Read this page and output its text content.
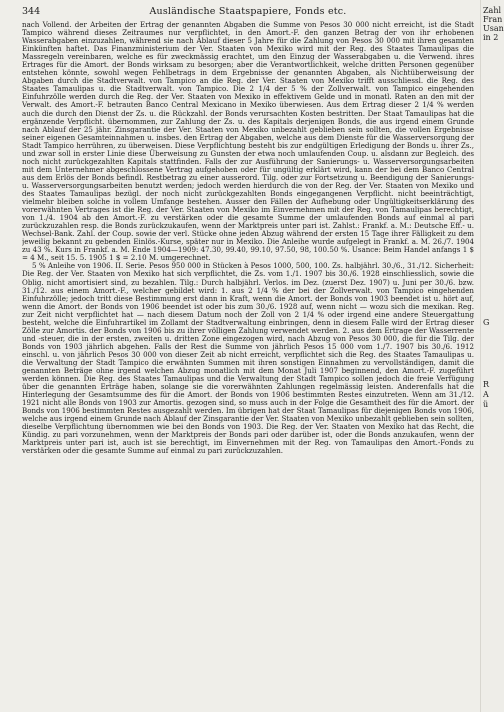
344	Ausländische Staatspapiere, Fonds etc.

nach Vollend. der Arbeiten der Ertrag der genannten Abgaben die Summe von Pesos 30 000 nicht erreicht, ist die Stadt Tampico während dieses Zeitraumes nur verpflichtet, in den Amort.-F. den ganzen Betrag der von ihr erhobenen Wasserabgaben einzuzahlen, während sie nach Ablauf dieser 5 Jahre für die Zahlung von Pesos 30 000 mit ihren gesamten Einkünften haftet. Das Finanzministerium der Ver. Staaten von Mexiko wird mit der Reg. des Staates Tamaulipas die Massregeln vereinbaren, welche es für zweckmässig erachtet, um den Einzug der Wasserabgaben u. die Verwend. ihres Ertrages für die Amort. der Bonds wirksam zu besorgen; aber die Verantwortlichkeit, welche dritten Personen gegenüber entstehen könnte, sowohl wegen Fehlbetrags in dem Ergebnisse der genannten Abgaben, als Nichtüberweisung der Abgaben durch die Stadtverwalt. von Tampico an die Reg. der Ver. Staaten von Mexiko trifft ausschliessl. die Reg. des Staates Tamaulipas u. die Stadtverwalt. von Tampico. Die 2 1/4 der 5 % der Zollverwalt. von Tampico eingehenden Einfuhrzölle werden durch die Reg. der Ver. Staaten von Mexiko in effektivem Gelde und in monatl. Raten an den mit der Verwalt. des Amort.-F. betrauten Banco Central Mexicano in Mexiko überwiesen. Aus dem Ertrag dieser 2 1/4 % werden auch die durch den Dienst der Zs. u. die Rückzahl. der Bonds verursachten Kosten bestritten. Der Staat Tamaulipas hat die ergänzende Verpflicht. übernommen, zur Zahlung der Zs. u. des Kapitals derjenigen Bonds, die aus irgend einem Grunde nach Ablauf der 25 jähr. Zinsgarantie der Ver. Staaten von Mexiko unbezahlt geblieben sein sollten, die vollen Ergebnisse seiner eigenen Gesamteinnahmen u. insbes. den Ertrag der Abgaben, welche aus dem Dienste für die Wasserversorgung der Stadt Tampico herrühren, zu überweisen. Diese Verpflichtung besteht bis zur endgültigen Erledigung der Bonds u. ihrer Zs., und zwar soll in erster Linie diese Überweisung zu Gunsten der etwa noch umlaufenden Coup. u. alsdann zur Begleich. des noch nicht zurückgezahlten Kapitals stattfinden. Falls der zur Ausführung der Sanierungs- u. Wasserversorgungsarbeiten mit dem Unternehmer abgeschlossene Vertrag aufgehoben oder für ungültig erklärt wird, kann der bei dem Banco Central aus dem Erlös der Bonds befindl. Restbetrag zu einer ausserord. Tilg. oder zur Fortsetzung u. Beendigung der Sanierungs- u. Wasserversorgungsarbeiten benutzt werden; jedoch werden hierdurch die von der Reg. der Ver. Staaten von Mexiko und des Staates Tamaulipas bezügl. der noch nicht zurückgezahlten Bonds eingegangenen Verpflicht. nicht beeinträchtigt, vielmehr bleiben solche in vollem Umfange bestehen. Ausser den Fällen der Aufhebung oder Ungültigkeitserklärung des vorerwähnten Vertrages ist die Reg. der Ver. Staaten von Mexiko im Einvernehmen mit der Reg. von Tamaulipas berechtigt, von 1./4. 1904 ab den Amort.-F. zu verstärken oder die gesamte Summe der umlaufenden Bonds auf einmal al pari zurückzuzahlen resp. die Bonds zurückzukaufen, wenn der Marktpreis unter pari ist. Zahlst.: Frankf. a. M.: Deutsche Eff.- u. Wechsel-Bank. Zahl. der Coup. sowie der verl. Stücke ohne jeden Abzug während der ersten 15 Tage ihrer Fälligkeit zu dem jeweilig bekannt zu gebenden Einlös.-Kurse, später nur in Mexiko. Die Anleihe wurde aufgelegt in Frankf. a. M. 26./7. 1904 zu 43 %. Kurs in Frankf. a. M. Ende 1904—1909: 47.30, 99.40, 99.10, 97.50, 98, 100.50 %. Usance: Beim Handel anfangs 1 $ = 4 M., seit 15. 5. 1905 1 $ = 2.10 M. umgerechnet.

5 % Anleihe von 1906. II. Serie. Pesos 950 000 in Stücken à Pesos 1000, 500, 100. Zs. halbjährl. 30./6., 31./12. Sicherheit: Die Reg. der Ver. Staaten von Mexiko hat sich verpflichtet, die Zs. vom 1./1. 1907 bis 30./6. 1928 einschliesslich, sowie die Oblig. nicht amortisiert sind, zu bezahlen. Tilg.: Durch halbjährl. Verlos. im Dez. (zuerst Dez. 1907) u. Juni per 30./6. bzw. 31./12. aus einem Amort.-F., welcher gebildet wird: 1. aus 2 1/4 % der bei der Zollverwalt. von Tampico eingehenden Einfuhrzölle; jedoch tritt diese Bestimmung erst dann in Kraft, wenn die Amort. der Bonds von 1903 beendet ist u. hört auf, wenn die Amort. der Bonds von 1906 beendet ist oder bis zum 30./6. 1928 auf, wenn nicht — wozu sich die mexikan. Reg. zur Zeit nicht verpflichtet hat — nach diesem Datum noch der Zoll von 2 1/4 % oder irgend eine andere Steuergattung besteht, welche die Einfuhrartikel im Zollamt der Stadtverwaltung einbringen, denn in diesem Falle wird der Ertrag dieser Zölle zur Amortis. der Bonds von 1906 bis zu ihrer völligen Zahlung verwendet werden. 2. aus dem Ertrage der Wasserrente und -steuer, die in der ersten, zweiten u. dritten Zone eingezogen wird, nach Abzug von Pesos 30 000, die für die Tilg. der Bonds von 1903 jährlich abgehen. Falls der Rest die Summe von jährlich Pesos 15 000 vom 1./7. 1907 bis 30./6. 1912 einschl. u. von jährlich Pesos 30 000 von dieser Zeit ab nicht erreicht, verpflichtet sich die Reg. des Staates Tamaulipas u. die Verwaltung der Stadt Tampico die erwähnten Summen mit ihren sonstigen Einnahmen zu vervollständigen, damit die genannten Beträge ohne irgend welchen Abzug monatlich mit dem Monat Juli 1907 beginnend, den Amort.-F. zugeführt werden können. Die Reg. des Staates Tamaulipas und die Verwaltung der Stadt Tampico sollen jedoch die freie Verfügung über die genannten Erträge haben, solange sie die vorerwähnten Zahlungen regelmässig leisten. Anderenfalls hat die Hinterlegung der Gesamtsumme des für die Amort. der Bonds von 1906 bestimmten Restes einzutreten. Wenn am 31./12. 1921 nicht alle Bonds von 1903 zur Amortis. gezogen sind, so muss auch in der Folge die Gesamtheit des für die Amort. der Bonds von 1906 bestimmten Restes ausgezahlt werden. Im übrigen hat der Staat Tamaulipas für diejenigen Bonds von 1906, welche aus irgend einem Grunde nach Ablauf der Zinsgarantie der Ver. Staaten von Mexiko unbezahlt geblieben sein sollten, dieselbe Verpflichtung übernommen wie bei den Bonds von 1903. Die Reg. der Ver. Staaten von Mexiko hat das Recht, die Kündig. zu pari vorzunehmen, wenn der Marktpreis der Bonds pari oder darüber ist, oder die Bonds anzukaufen, wenn der Marktpreis unter pari ist, auch ist sie berechtigt, im Einvernehmen mit der Reg. von Tamaulipas den Amort.-Fonds zu verstärken oder die gesamte Summe auf einmal zu pari zurückzuzahlen.

Zahl
Fran
Usan
in 2
G
R
A
ü
